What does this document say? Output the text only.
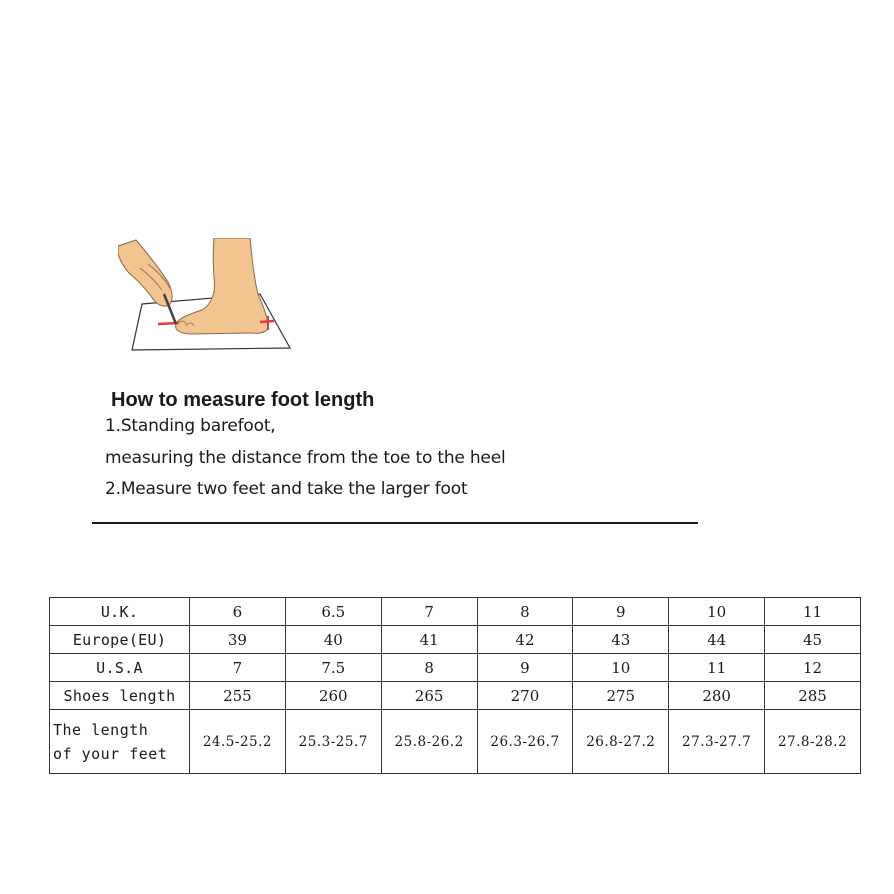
How to measure foot length
1.Standing barefoot,
measuring the distance from the toe to the heel
2.Measure two feet and take the larger foot
U.K.	6	6.5	7	8	9	10	11
Europe(EU)	39	40	41	42	43	44	45
U.S.A	7	7.5	8	9	10	11	12
Shoes length	255	260	265	270	275	280	285

The length
of your feet	24.5-25.2	25.3-25.7	25.8-26.2	26.3-26.7	26.8-27.2	27.3-27.7	27.8-28.2
